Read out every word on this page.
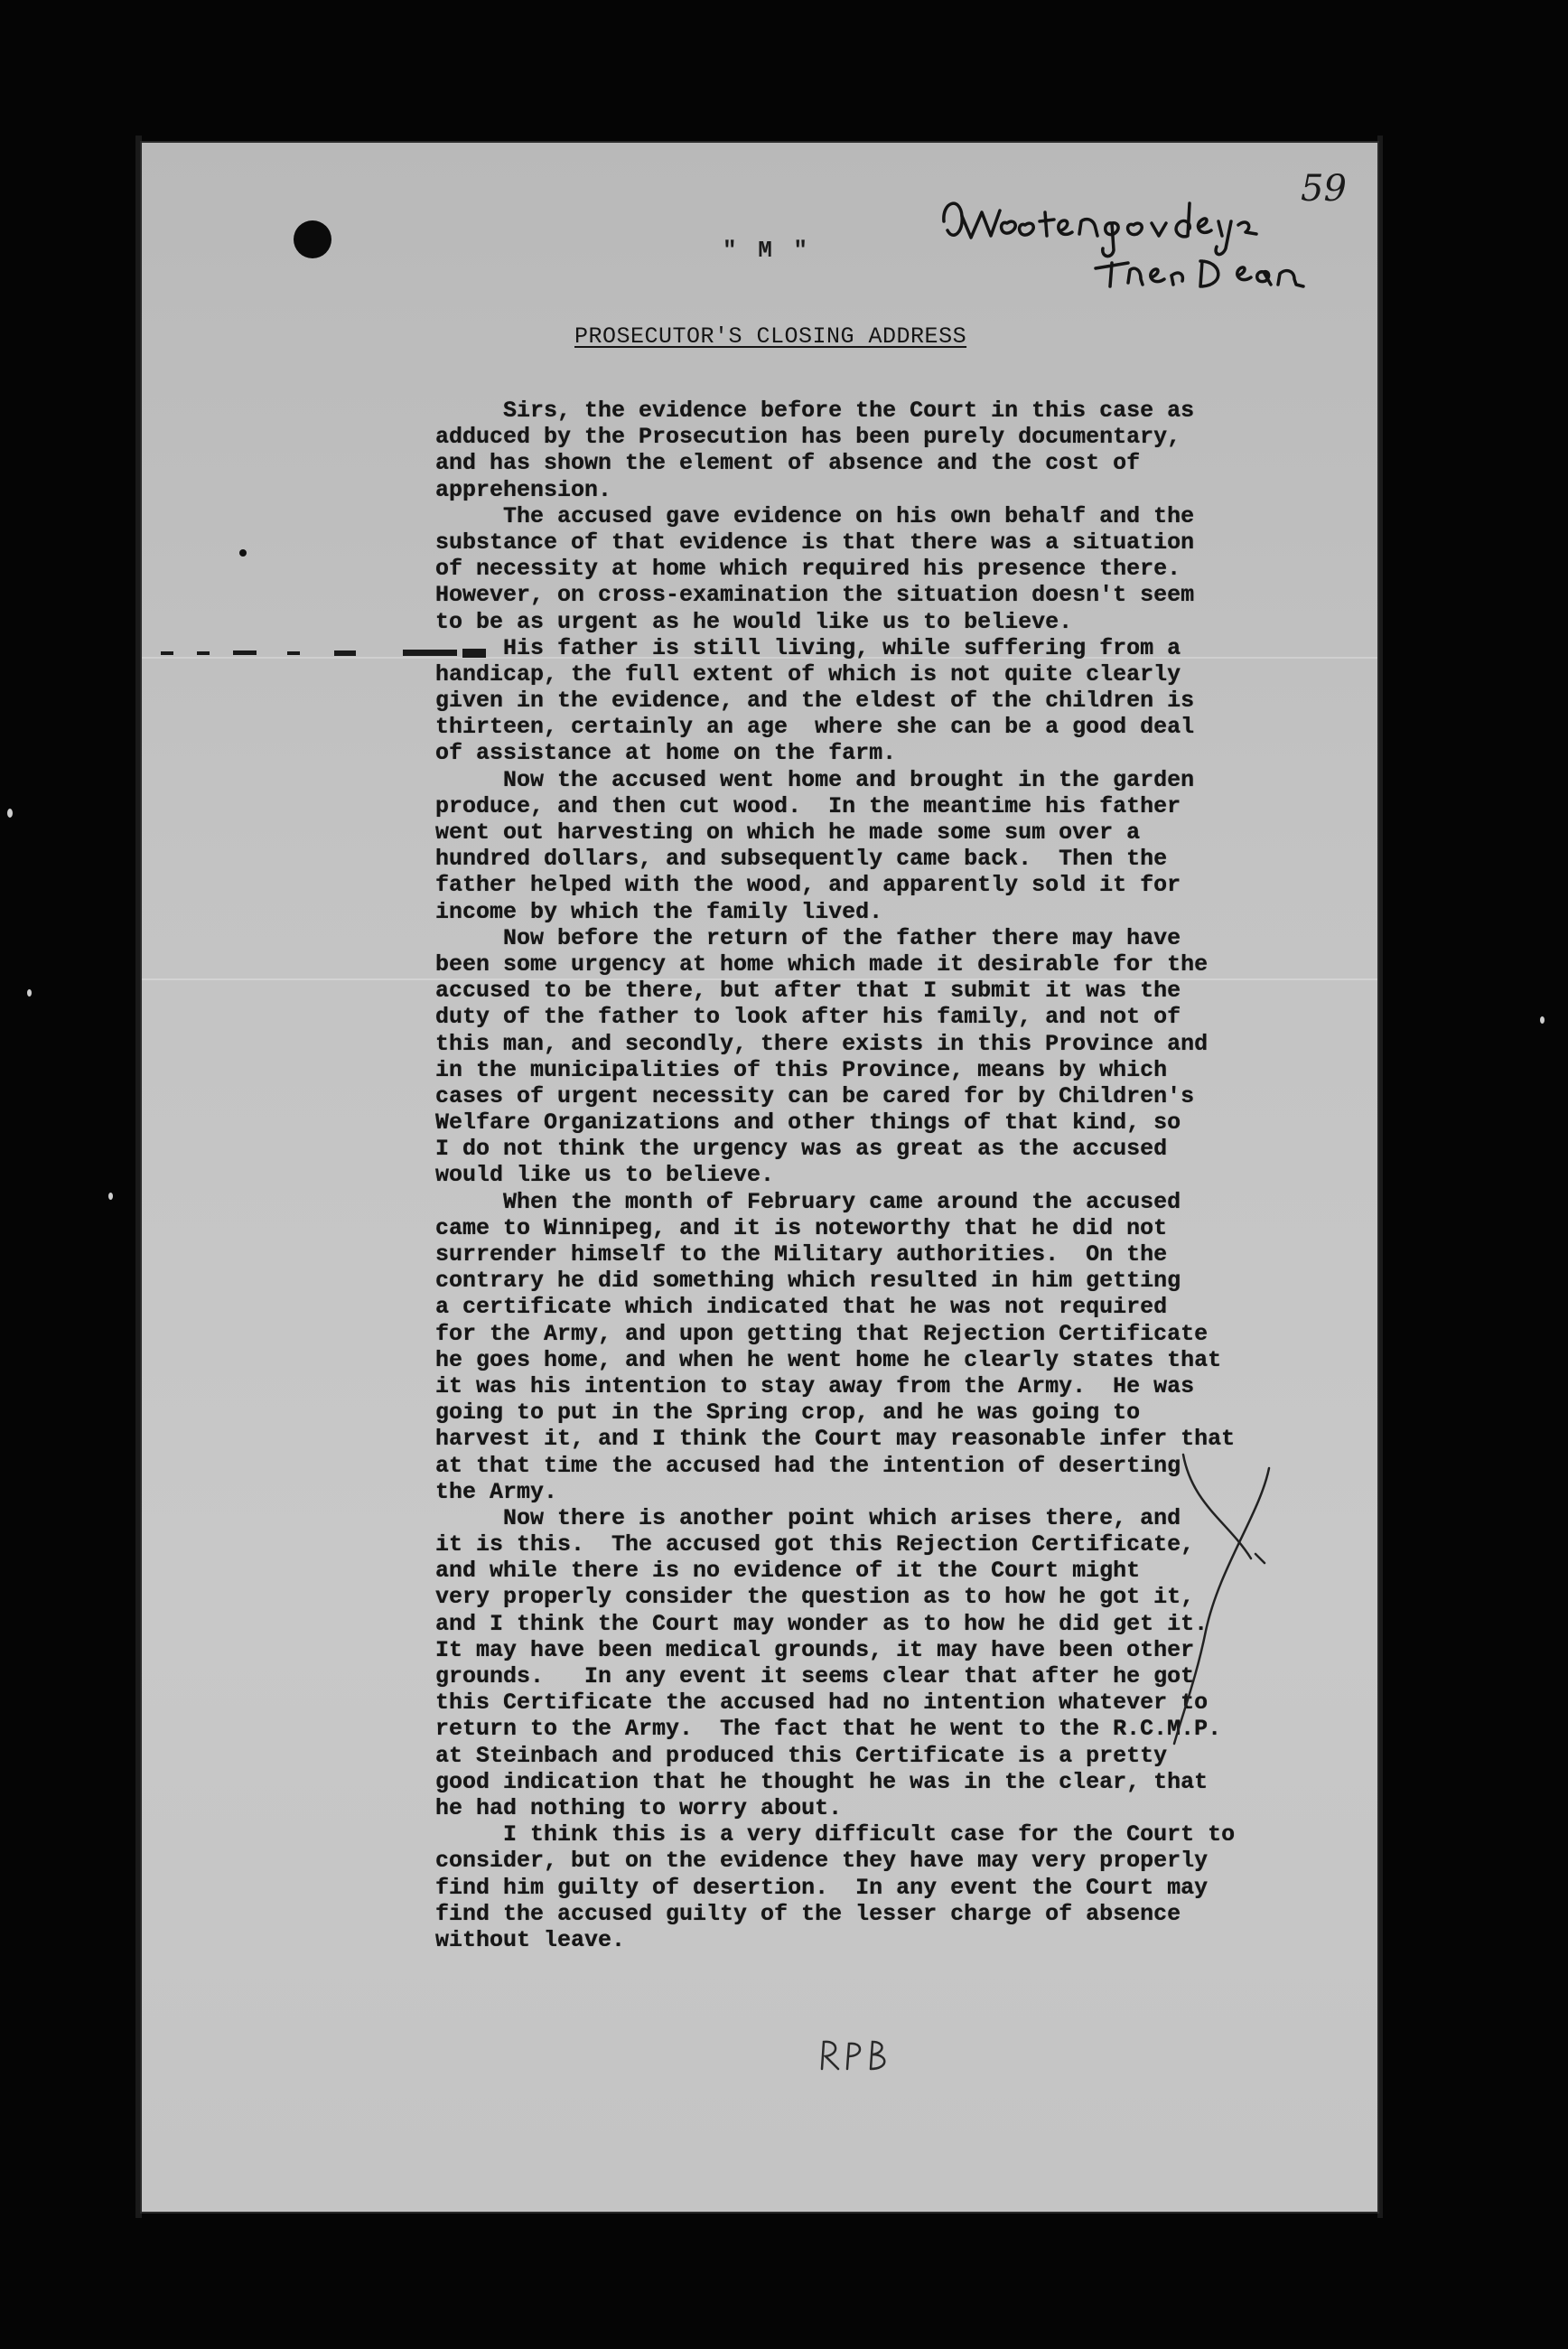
59
" M "
PROSECUTOR'S CLOSING ADDRESS
Sirs, the evidence before the Court in this case as
adduced by the Prosecution has been purely documentary,
and has shown the element of absence and the cost of
apprehension.
The accused gave evidence on his own behalf and the
substance of that evidence is that there was a situation
of necessity at home which required his presence there.
However, on cross-examination the situation doesn't seem
to be as urgent as he would like us to believe.
His father is still living, while suffering from a
handicap, the full extent of which is not quite clearly
given in the evidence, and the eldest of the children is
thirteen, certainly an age  where she can be a good deal
of assistance at home on the farm.
Now the accused went home and brought in the garden
produce, and then cut wood.  In the meantime his father
went out harvesting on which he made some sum over a
hundred dollars, and subsequently came back.  Then the
father helped with the wood, and apparently sold it for
income by which the family lived.
Now before the return of the father there may have
been some urgency at home which made it desirable for the
accused to be there, but after that I submit it was the
duty of the father to look after his family, and not of
this man, and secondly, there exists in this Province and
in the municipalities of this Province, means by which
cases of urgent necessity can be cared for by Children's
Welfare Organizations and other things of that kind, so
I do not think the urgency was as great as the accused
would like us to believe.
When the month of February came around the accused
came to Winnipeg, and it is noteworthy that he did not
surrender himself to the Military authorities.  On the
contrary he did something which resulted in him getting
a certificate which indicated that he was not required
for the Army, and upon getting that Rejection Certificate
he goes home, and when he went home he clearly states that
it was his intention to stay away from the Army.  He was
going to put in the Spring crop, and he was going to
harvest it, and I think the Court may reasonable infer that
at that time the accused had the intention of deserting
the Army.
Now there is another point which arises there, and
it is this.  The accused got this Rejection Certificate,
and while there is no evidence of it the Court might
very properly consider the question as to how he got it,
and I think the Court may wonder as to how he did get it.
It may have been medical grounds, it may have been other
grounds.   In any event it seems clear that after he got
this Certificate the accused had no intention whatever to
return to the Army.  The fact that he went to the R.C.M.P.
at Steinbach and produced this Certificate is a pretty
good indication that he thought he was in the clear, that
he had nothing to worry about.
I think this is a very difficult case for the Court to
consider, but on the evidence they have may very properly
find him guilty of desertion.  In any event the Court may
find the accused guilty of the lesser charge of absence
without leave.
